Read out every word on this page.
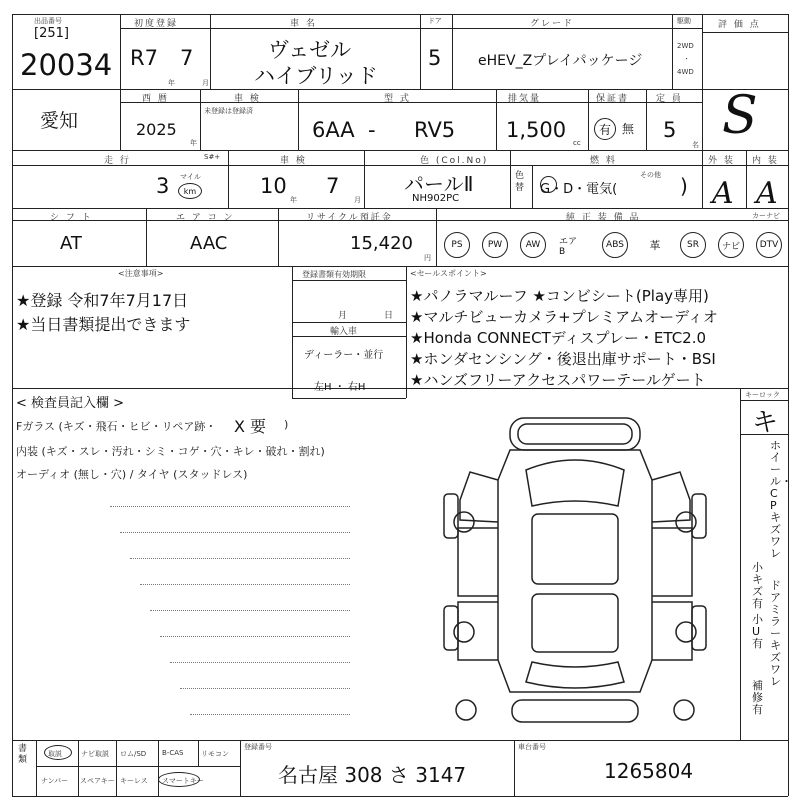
出品番号
[251]
20034
初度登録
R7 7
年	月
車 名
ヴェゼル
ハイブリッド
ドア
5
グレード
eHEV_Zプレイパッケージ
駆動
2WD
・
4WD
評 価 点
S
愛知
西 暦
2025
年
車 検
未登録は登録済
型 式
6AA - RV5
排気量
1,500
cc
保証書
有 無
定 員
5
名
走 行	S#+
3 マイル
km
車 検
10
年
7
月
色 (Col.No)
パールⅡ
NH902PC
色替
燃 料
G・D・電気(
その他 )
外 装
A
内 装
A
シ フ ト
AT
エ ア コ ン
AAC
リサイクル預託金
15,420
円
純 正 装 備 品	カーナビ
PS	PW	AW エアB
ABS 革	SR	ナビ DTV
<注意事項>
★登録 令和7年7月17日
★当日書類提出できます
登録書類有効期限
月	日
輸入車
ディーラー・並行
左H ・ 右H
<セールスポイント>
★パノラマルーフ ★コンビシート(Play専用)
★マルチビューカメラ+プレミアムオーディオ
★Honda CONNECTディスプレー・ETC2.0
★ホンダセンシング・後退出庫サポート・BSI
★ハンズフリーアクセスパワーテールゲート
< 検査員記入欄 >
Fガラス (キズ・飛石・ヒビ・リペア跡・ X 要 )
内装 (キズ・スレ・汚れ・シミ・コゲ・穴・キレ・破れ・割れ)
オーディオ (無し・穴) / タイヤ (スタッドレス)
キーロック
キ
ホイール・CPキズ ワレ
小キズ有
ドアミラーキズワレ
小U有
補修有
書類
取説	ナビ取説 ロム/SD B-CAS	リモコン
ナンバー スペアキー キーレス スマートキー
登録番号
名古屋 308 さ 3147
車台番号
1265804
